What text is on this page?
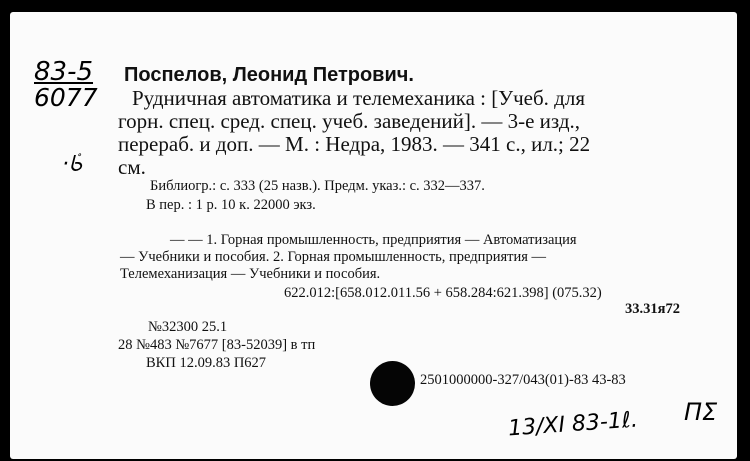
83-5
6077
·ᢸ
Поспелов, Леонид Петрович.
Рудничная автоматика и телемеханика : [Учеб. для
горн. спец. сред. спец. учеб. заведений]. — 3-е изд.,
перераб. и доп. — М. : Недра, 1983. — 341 с., ил.; 22
см.
Библиогр.: с. 333 (25 назв.). Предм. указ.: с. 332—337.
В пер. : 1 р. 10 к. 22000 экз.
— — 1. Горная промышленность, предприятия — Автоматизация
— Учебники и пособия. 2. Горная промышленность, предприятия —
Телемеханизация — Учебники и пособия.
622.012:[658.012.011.56 + 658.284:621.398] (075.32)
33.31я72
№32300 25.1
28 №483 №7677 [83-52039] в тп
ВКП 12.09.83 П627
2501000000-327/043(01)-83 43-83
13/XI 83-1ℓ. ΠΣ
